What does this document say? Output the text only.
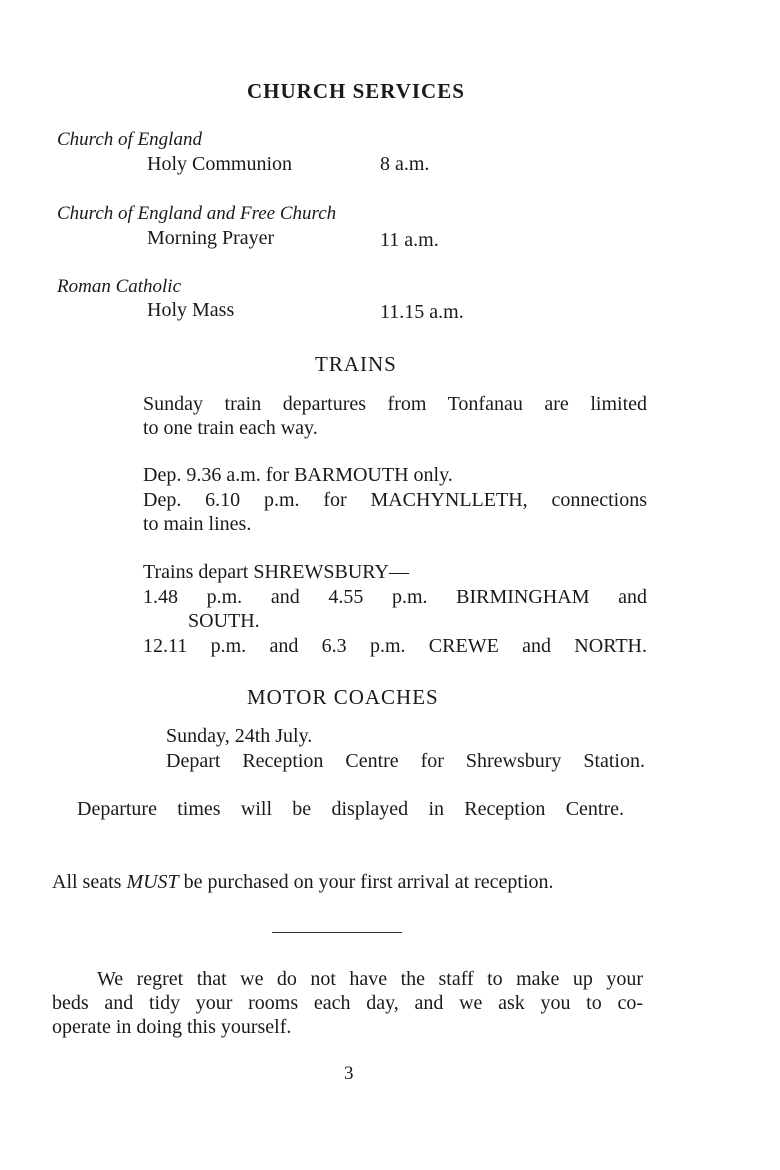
CHURCH SERVICES
Church of England
Holy Communion	8 a.m.
Church of England and Free Church
Morning Prayer	11 a.m.
Roman Catholic
Holy Mass	11.15 a.m.
TRAINS
Sunday train departures from Tonfanau are limited
to one train each way.
Dep. 9.36 a.m. for BARMOUTH only.
Dep. 6.10 p.m. for MACHYNLLETH, connections
to main lines.
Trains depart SHREWSBURY—
1.48 p.m. and 4.55 p.m. BIRMINGHAM and
SOUTH.
12.11 p.m. and 6.3 p.m. CREWE and NORTH.
MOTOR COACHES
Sunday, 24th July.
Depart Reception Centre for Shrewsbury Station.
Departure times will be displayed in Reception Centre.
All seats MUST be purchased on your first arrival at reception.
We regret that we do not have the staff to make up your
beds and tidy your rooms each day, and we ask you to co-
operate in doing this yourself.
3
